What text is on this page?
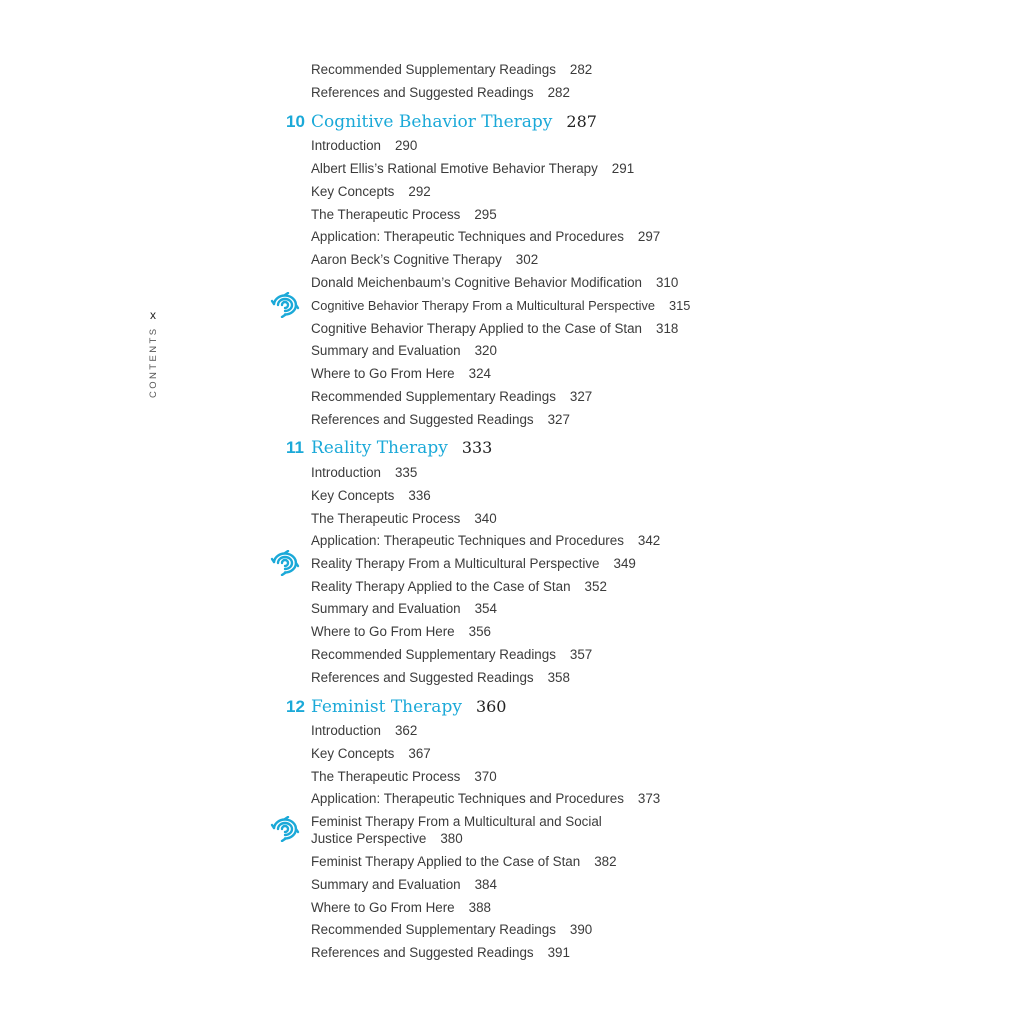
x
CONTENTS
Recommended Supplementary Readings 282
References and Suggested Readings 282
10 Cognitive Behavior Therapy 287
Introduction 290
Albert Ellis’s Rational Emotive Behavior Therapy 291
Key Concepts 292
The Therapeutic Process 295
Application: Therapeutic Techniques and Procedures 297
Aaron Beck’s Cognitive Therapy 302
Donald Meichenbaum’s Cognitive Behavior Modification 310
Cognitive Behavior Therapy From a Multicultural Perspective 315
Cognitive Behavior Therapy Applied to the Case of Stan 318
Summary and Evaluation 320
Where to Go From Here 324
Recommended Supplementary Readings 327
References and Suggested Readings 327
11 Reality Therapy 333
Introduction 335
Key Concepts 336
The Therapeutic Process 340
Application: Therapeutic Techniques and Procedures 342
Reality Therapy From a Multicultural Perspective 349
Reality Therapy Applied to the Case of Stan 352
Summary and Evaluation 354
Where to Go From Here 356
Recommended Supplementary Readings 357
References and Suggested Readings 358
12 Feminist Therapy 360
Introduction 362
Key Concepts 367
The Therapeutic Process 370
Application: Therapeutic Techniques and Procedures 373
Feminist Therapy From a Multicultural and Social Justice Perspective 380
Feminist Therapy Applied to the Case of Stan 382
Summary and Evaluation 384
Where to Go From Here 388
Recommended Supplementary Readings 390
References and Suggested Readings 391
